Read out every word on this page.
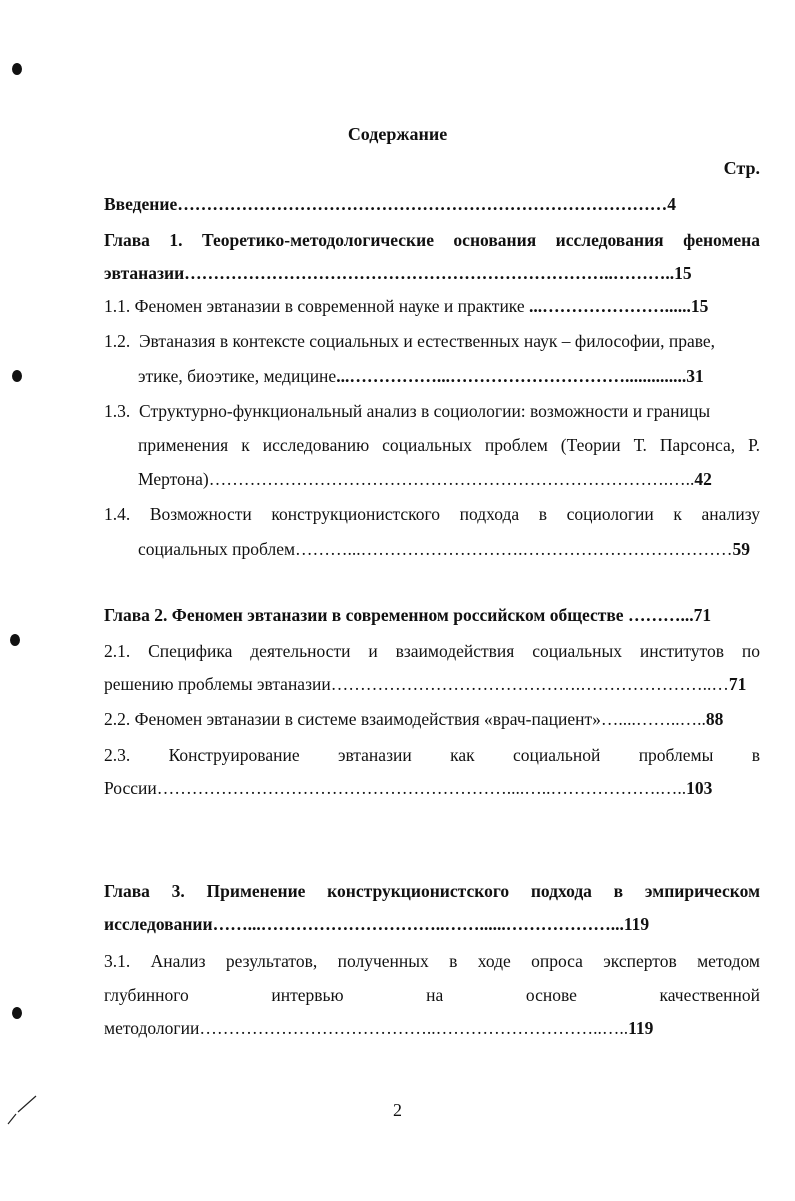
Содержание
Стр.
Введение…………………………………………………………………………4
Глава 1. Теоретико-методологические основания исследования феномена
эвтаназии………………………………………………………………..………..15
1.1. Феномен эвтаназии в современной науке и практике ...…………………......15
1.2. Эвтаназия в контексте социальных и естественных наук – философии, праве,
этике, биоэтике, медицине...……………...…………………………..............31
1.3. Структурно-функциональный анализ в социологии: возможности и границы
применения к исследованию социальных проблем (Теории Т. Парсонса, Р.
Мертона)…………………………………………………………………….…..42
1.4. Возможности конструкционистского подхода в социологии к анализу
социальных проблем………...……………………….………………………………59
Глава 2. Феномен эвтаназии в современном российском обществе ………...71
2.1. Специфика деятельности и взаимодействия социальных институтов по
решению проблемы эвтаназии…………………………………….…………………..…71
2.2. Феномен эвтаназии в системе взаимодействия «врач-пациент»…....……..…..88
2.3. Конструирование эвтаназии как социальной проблемы в
России……………………………………………………....…..……………….…..103
Глава 3. Применение конструкционистского подхода в эмпирическом
исследовании……...…………………………..……......………………...119
3.1. Анализ результатов, полученных в ходе опроса экспертов методом
глубинного интервью на основе качественной
методологии…………………………………..………………………..…..119
2
